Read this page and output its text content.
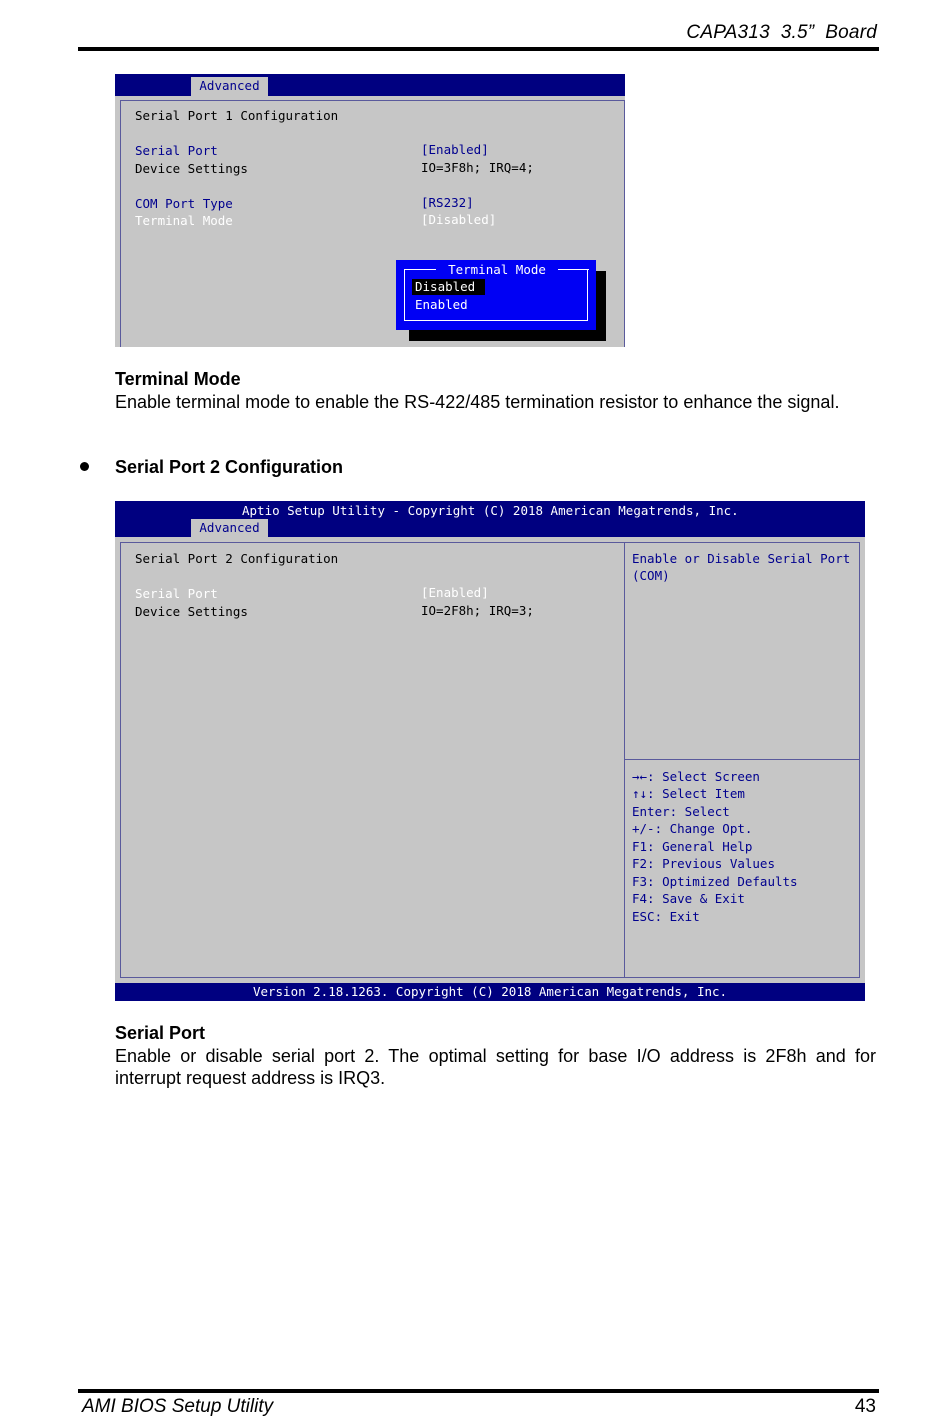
CAPA313  3.5”  Board
Advanced
Serial Port 1 Configuration
Serial Port	[Enabled]
Device Settings	IO=3F8h; IRQ=4;
COM Port Type	[RS232]
Terminal Mode	[Disabled]
Terminal Mode
Disabled
Enabled
Terminal Mode
Enable terminal mode to enable the RS-422/485 termination resistor to enhance the signal.
Serial Port 2 Configuration
Aptio Setup Utility - Copyright (C) 2018 American Megatrends, Inc.
Advanced
Serial Port 2 Configuration
Serial Port	[Enabled]
Device Settings	IO=2F8h; IRQ=3;
Enable or Disable Serial Port
(COM)
→←: Select Screen
↑↓: Select Item
Enter: Select
+/-: Change Opt.
F1: General Help
F2: Previous Values
F3: Optimized Defaults
F4: Save & Exit
ESC: Exit
Version 2.18.1263. Copyright (C) 2018 American Megatrends, Inc.
Serial Port
Enable or disable serial port 2. The optimal setting for base I/O address is 2F8h and for interrupt request address is IRQ3.
AMI BIOS Setup Utility	43
